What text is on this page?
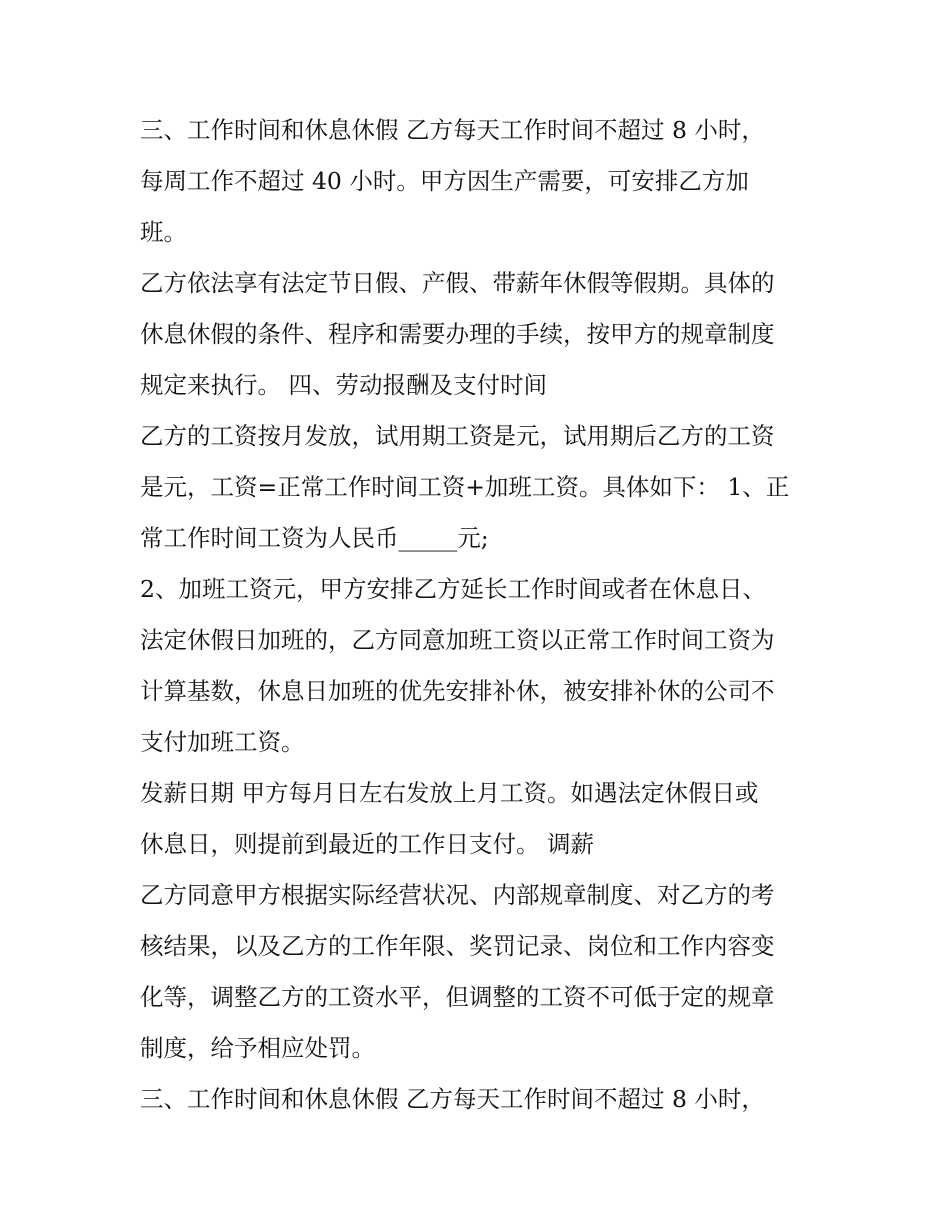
三、工作时间和休息休假 乙方每天工作时间不超过 8 小时，
每周工作不超过 40 小时。甲方因生产需要，可安排乙方加
班。
乙方依法享有法定节日假、产假、带薪年休假等假期。具体的
休息休假的条件、程序和需要办理的手续，按甲方的规章制度
规定来执行。 四、劳动报酬及支付时间
乙方的工资按月发放，试用期工资是元，试用期后乙方的工资
是元，工资=正常工作时间工资+加班工资。具体如下： 1、正
常工作时间工资为人民币_____元;
2、加班工资元，甲方安排乙方延长工作时间或者在休息日、
法定休假日加班的，乙方同意加班工资以正常工作时间工资为
计算基数，休息日加班的优先安排补休，被安排补休的公司不
支付加班工资。
发薪日期 甲方每月日左右发放上月工资。如遇法定休假日或
休息日，则提前到最近的工作日支付。 调薪
乙方同意甲方根据实际经营状况、内部规章制度、对乙方的考
核结果，以及乙方的工作年限、奖罚记录、岗位和工作内容变
化等，调整乙方的工资水平，但调整的工资不可低于定的规章
制度，给予相应处罚。
三、工作时间和休息休假 乙方每天工作时间不超过 8 小时，
